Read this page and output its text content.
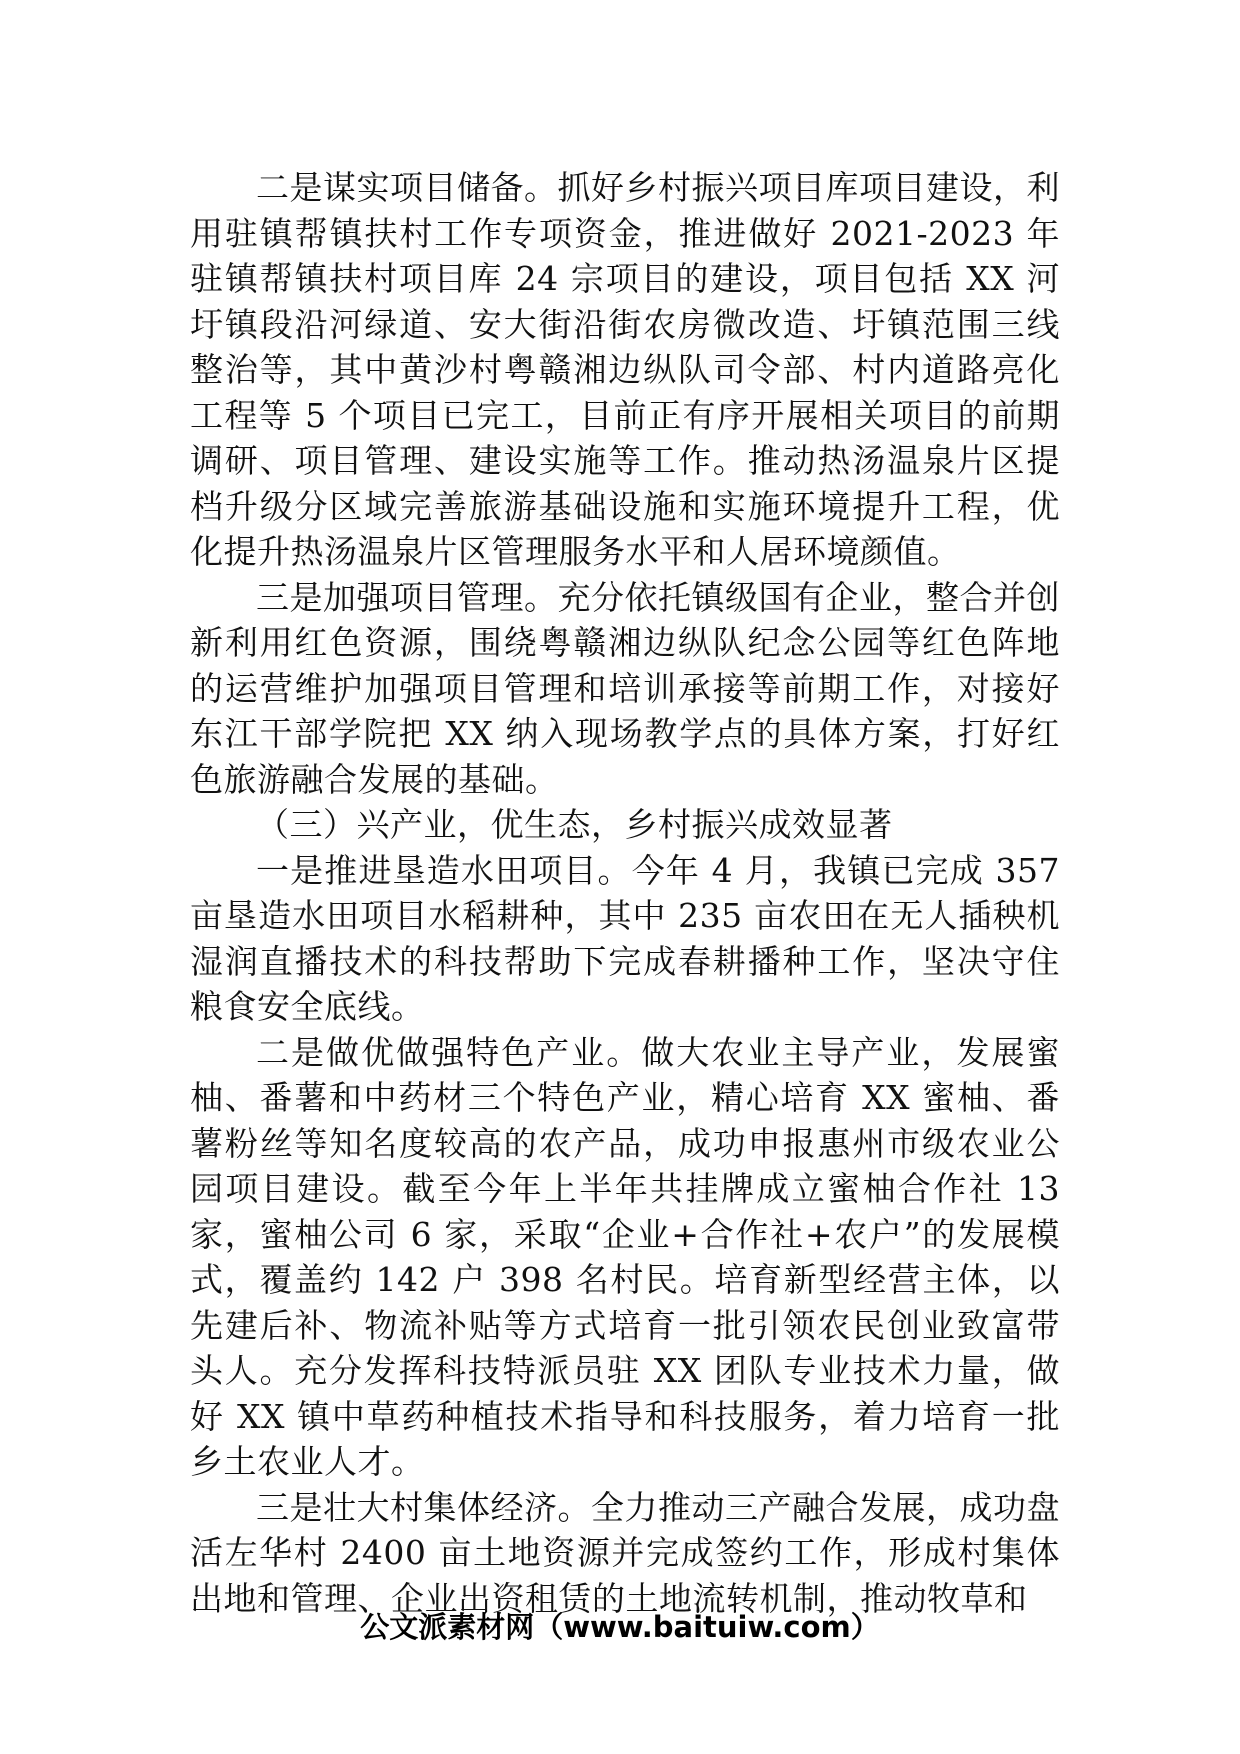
二是谋实项目储备。抓好乡村振兴项目库项目建设，利用驻镇帮镇扶村工作专项资金，推进做好 2021-2023 年驻镇帮镇扶村项目库 24 宗项目的建设，项目包括 XX 河圩镇段沿河绿道、安大街沿街农房微改造、圩镇范围三线整治等，其中黄沙村粤赣湘边纵队司令部、村内道路亮化工程等 5 个项目已完工，目前正有序开展相关项目的前期调研、项目管理、建设实施等工作。推动热汤温泉片区提档升级分区域完善旅游基础设施和实施环境提升工程，优化提升热汤温泉片区管理服务水平和人居环境颜值。

三是加强项目管理。充分依托镇级国有企业，整合并创新利用红色资源，围绕粤赣湘边纵队纪念公园等红色阵地的运营维护加强项目管理和培训承接等前期工作，对接好东江干部学院把 XX 纳入现场教学点的具体方案，打好红色旅游融合发展的基础。

（三）兴产业，优生态，乡村振兴成效显著

一是推进垦造水田项目。今年 4 月，我镇已完成 357 亩垦造水田项目水稻耕种，其中 235 亩农田在无人插秧机湿润直播技术的科技帮助下完成春耕播种工作，坚决守住粮食安全底线。

二是做优做强特色产业。做大农业主导产业，发展蜜柚、番薯和中药材三个特色产业，精心培育 XX 蜜柚、番薯粉丝等知名度较高的农产品，成功申报惠州市级农业公园项目建设。截至今年上半年共挂牌成立蜜柚合作社 13 家，蜜柚公司 6 家，采取“企业+合作社+农户”的发展模式，覆盖约 142 户 398 名村民。培育新型经营主体，以先建后补、物流补贴等方式培育一批引领农民创业致富带头人。充分发挥科技特派员驻 XX 团队专业技术力量，做好 XX 镇中草药种植技术指导和科技服务，着力培育一批乡土农业人才。

三是壮大村集体经济。全力推动三产融合发展，成功盘活左华村 2400 亩土地资源并完成签约工作，形成村集体出地和管理、企业出资租赁的土地流转机制，推动牧草和

公文派素材网（www.baituiw.com）
